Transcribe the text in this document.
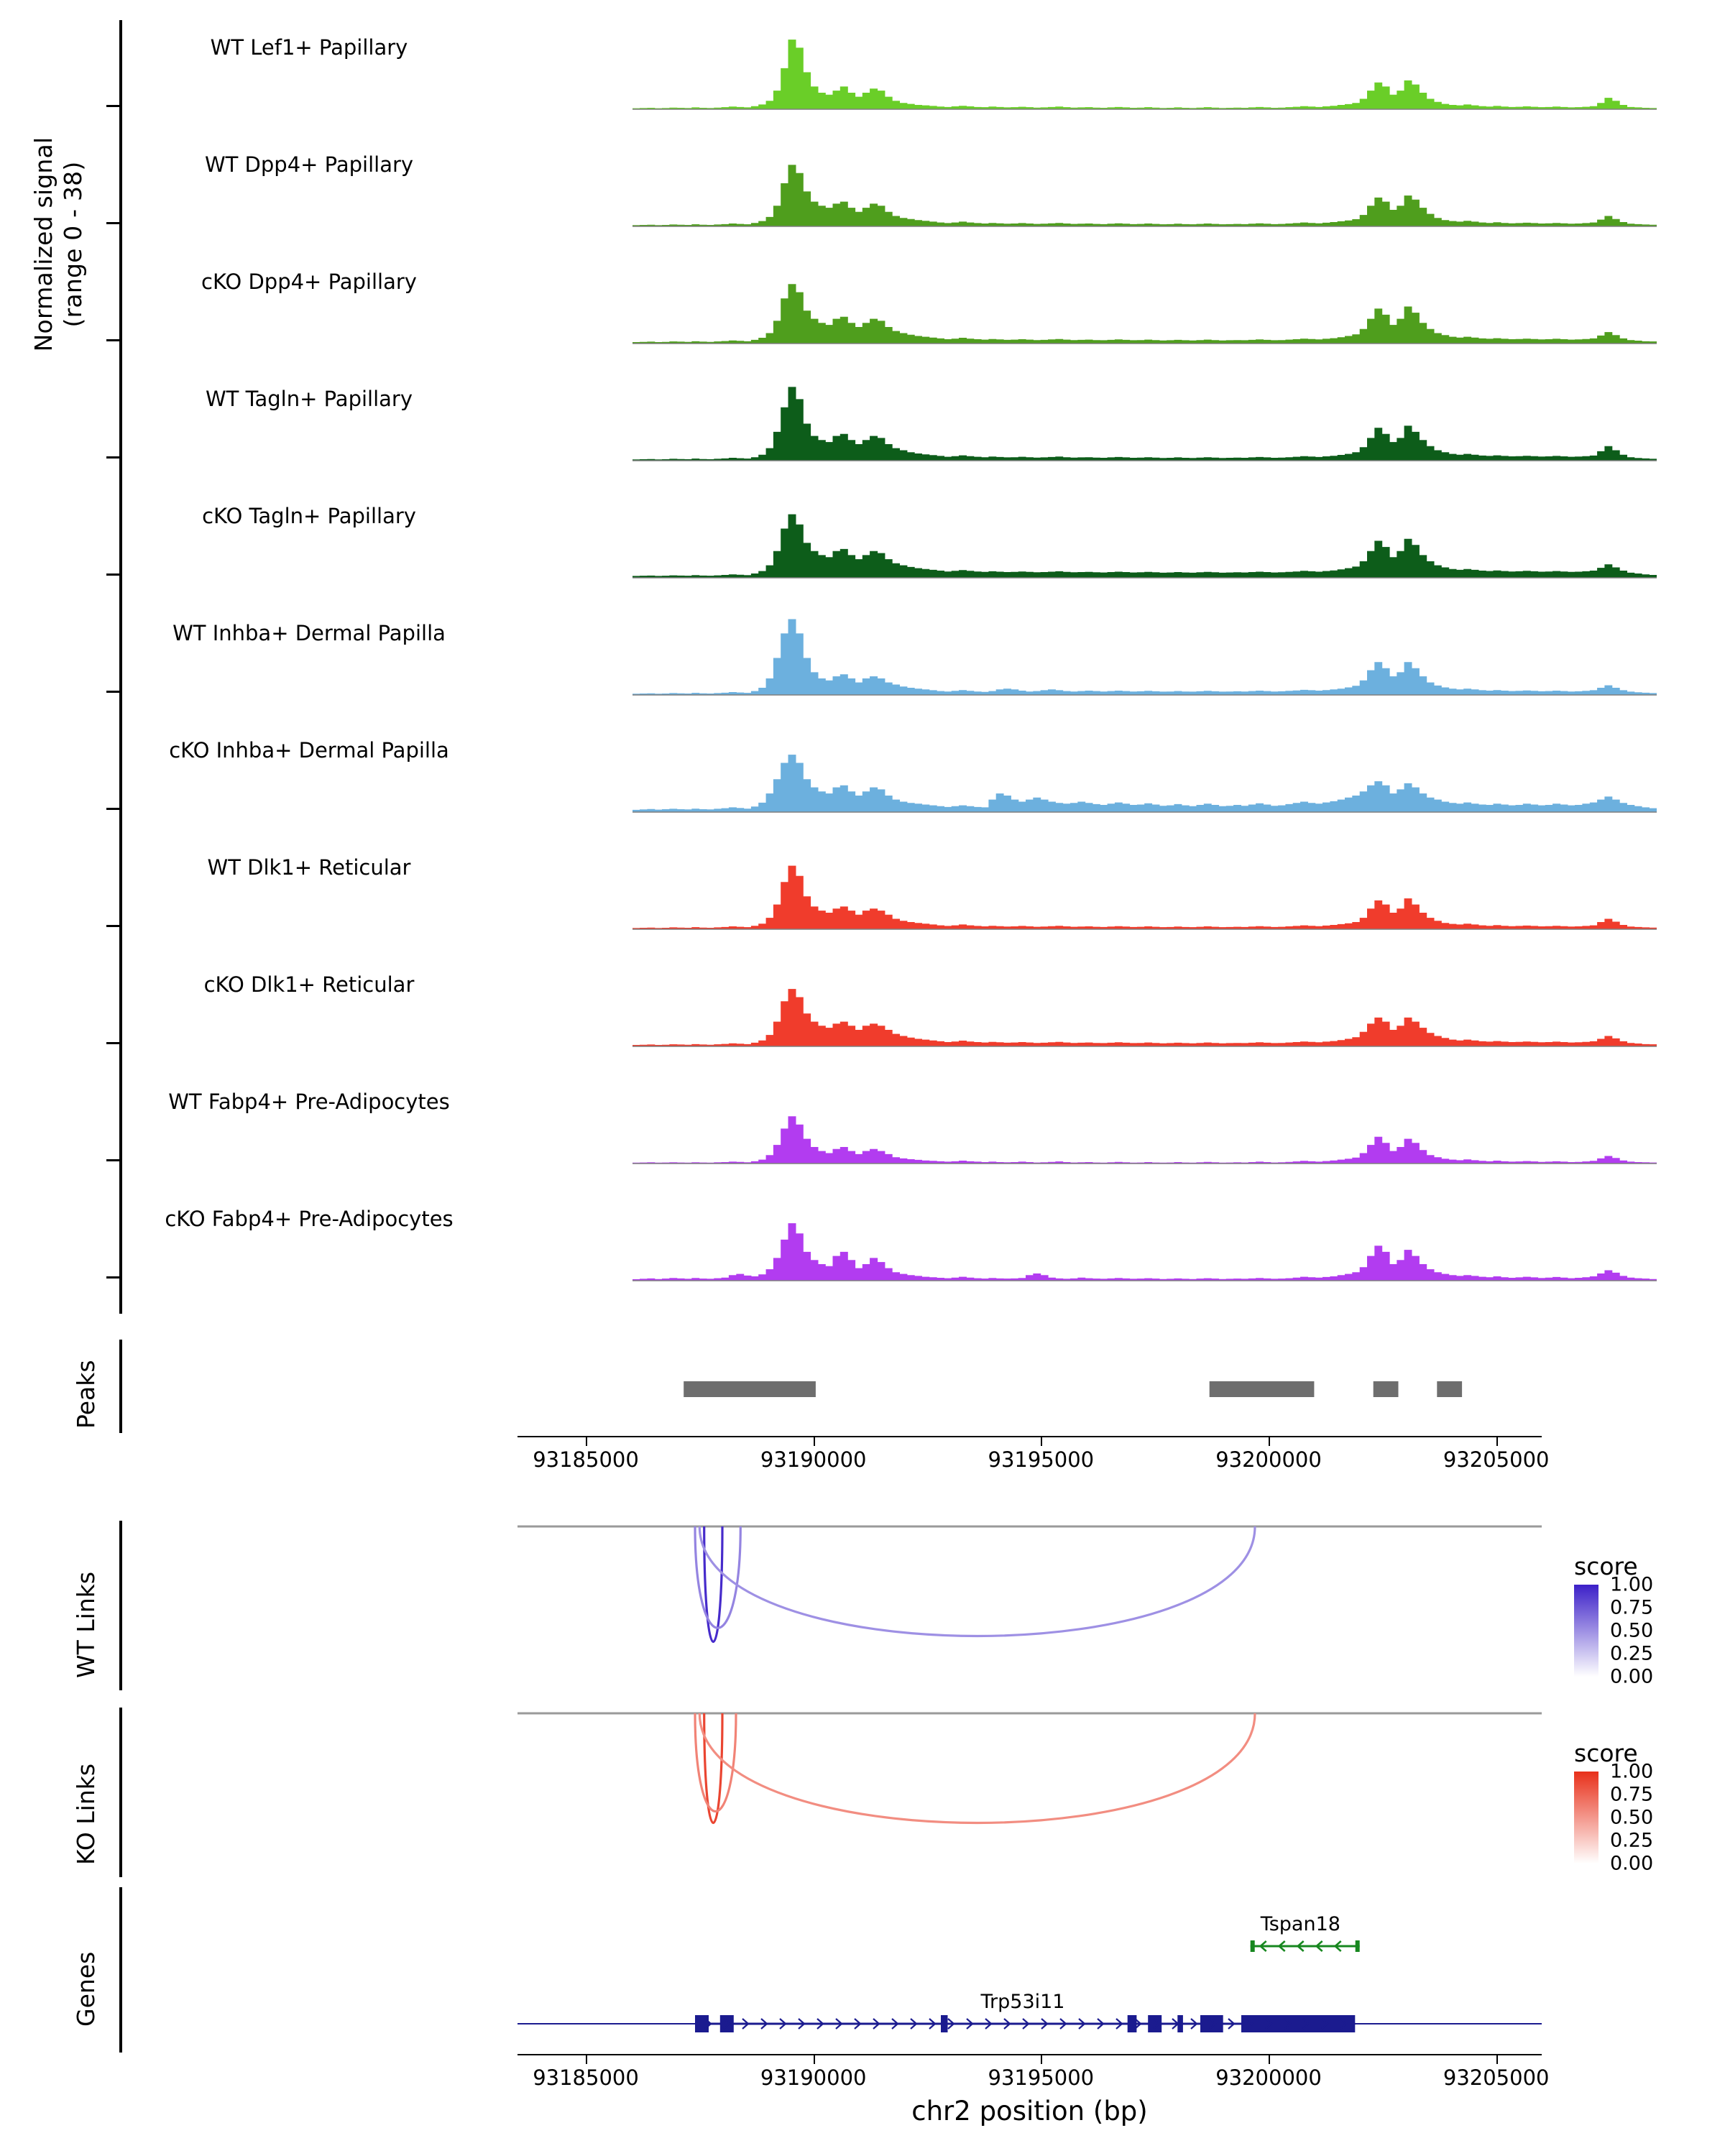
Normalized signal (range 0 - 38)
WT Lef1+ Papillary
WT Dpp4+ Papillary
cKO Dpp4+ Papillary
WT Tagln+ Papillary
cKO Tagln+ Papillary
WT Inhba+ Dermal Papilla
cKO Inhba+ Dermal Papilla
WT Dlk1+ Reticular
cKO Dlk1+ Reticular
WT Fabp4+ Pre-Adipocytes
cKO Fabp4+ Pre-Adipocytes
Peaks
93185000	93190000	93195000	93200000	93205000
WT Links
score
1.00
0.75
0.50
0.25
0.00
KO Links
score
1.00
0.75
0.50
0.25
0.00
Genes
93185000	93190000	93195000	93200000	93205000
chr2 position (bp)
Tspan18
Trp53i11
